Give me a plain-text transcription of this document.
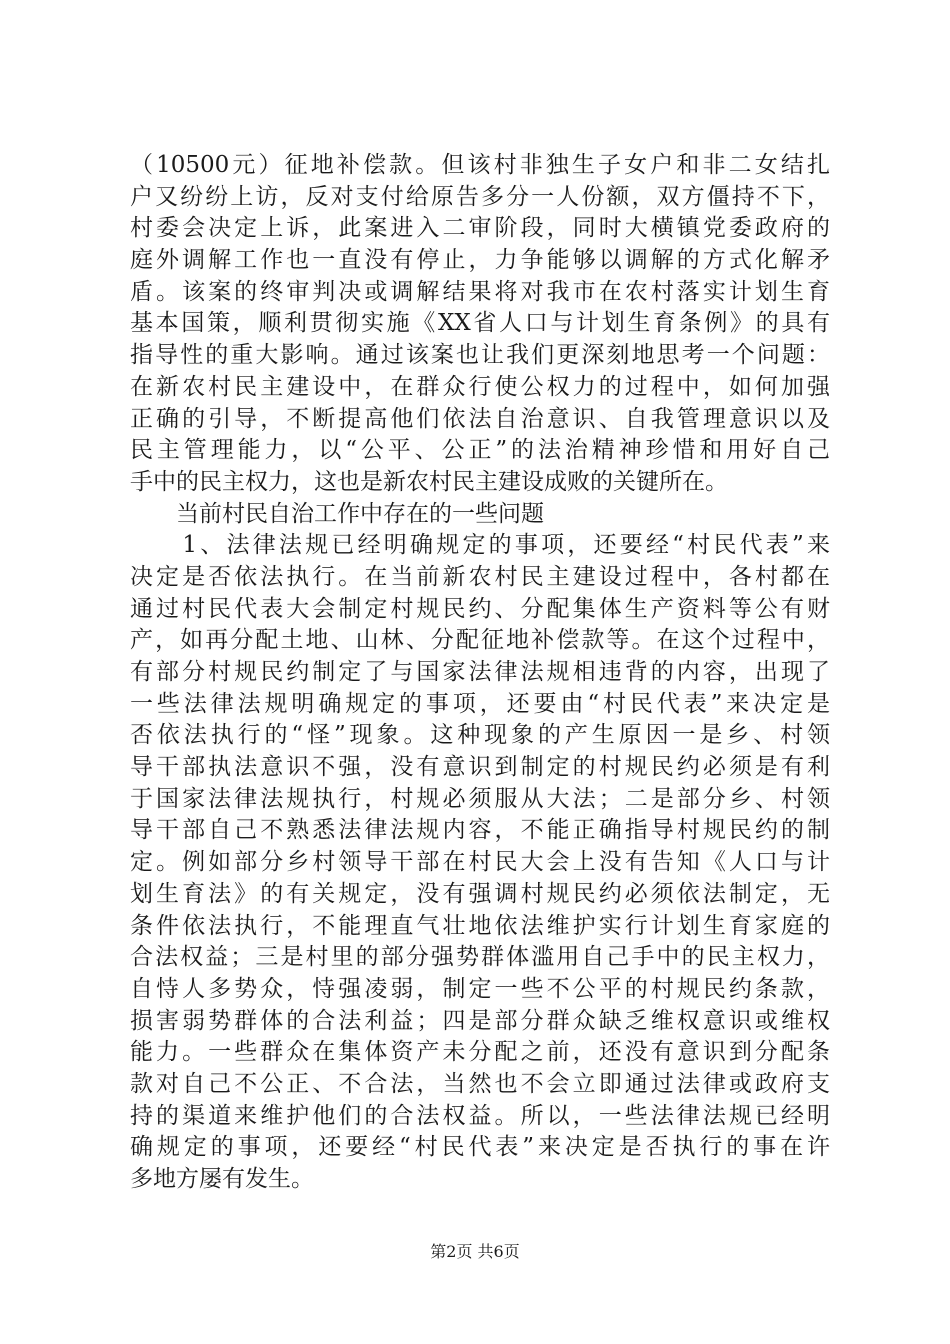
（10500元）征地补偿款。但该村非独生子女户和非二女结扎
户又纷纷上访，反对支付给原告多分一人份额，双方僵持不下，
村委会决定上诉，此案进入二审阶段，同时大横镇党委政府的
庭外调解工作也一直没有停止，力争能够以调解的方式化解矛
盾。该案的终审判决或调解结果将对我市在农村落实计划生育
基本国策，顺利贯彻实施《XX省人口与计划生育条例》的具有
指导性的重大影响。通过该案也让我们更深刻地思考一个问题：
在新农村民主建设中，在群众行使公权力的过程中，如何加强
正确的引导，不断提高他们依法自治意识、自我管理意识以及
民主管理能力，以“公平、公正”的法治精神珍惜和用好自己
手中的民主权力，这也是新农村民主建设成败的关键所在。
当前村民自治工作中存在的一些问题
　　1、法律法规已经明确规定的事项，还要经“村民代表”来
决定是否依法执行。在当前新农村民主建设过程中，各村都在
通过村民代表大会制定村规民约、分配集体生产资料等公有财
产，如再分配土地、山林、分配征地补偿款等。在这个过程中，
有部分村规民约制定了与国家法律法规相违背的内容，出现了
一些法律法规明确规定的事项，还要由“村民代表”来决定是
否依法执行的“怪”现象。这种现象的产生原因一是乡、村领
导干部执法意识不强，没有意识到制定的村规民约必须是有利
于国家法律法规执行，村规必须服从大法；二是部分乡、村领
导干部自己不熟悉法律法规内容，不能正确指导村规民约的制
定。例如部分乡村领导干部在村民大会上没有告知《人口与计
划生育法》的有关规定，没有强调村规民约必须依法制定，无
条件依法执行，不能理直气壮地依法维护实行计划生育家庭的
合法权益；三是村里的部分强势群体滥用自己手中的民主权力，
自恃人多势众，恃强凌弱，制定一些不公平的村规民约条款，
损害弱势群体的合法利益；四是部分群众缺乏维权意识或维权
能力。一些群众在集体资产未分配之前，还没有意识到分配条
款对自己不公正、不合法，当然也不会立即通过法律或政府支
持的渠道来维护他们的合法权益。所以，一些法律法规已经明
确规定的事项，还要经“村民代表”来决定是否执行的事在许
多地方屡有发生。
第2页 共6页
